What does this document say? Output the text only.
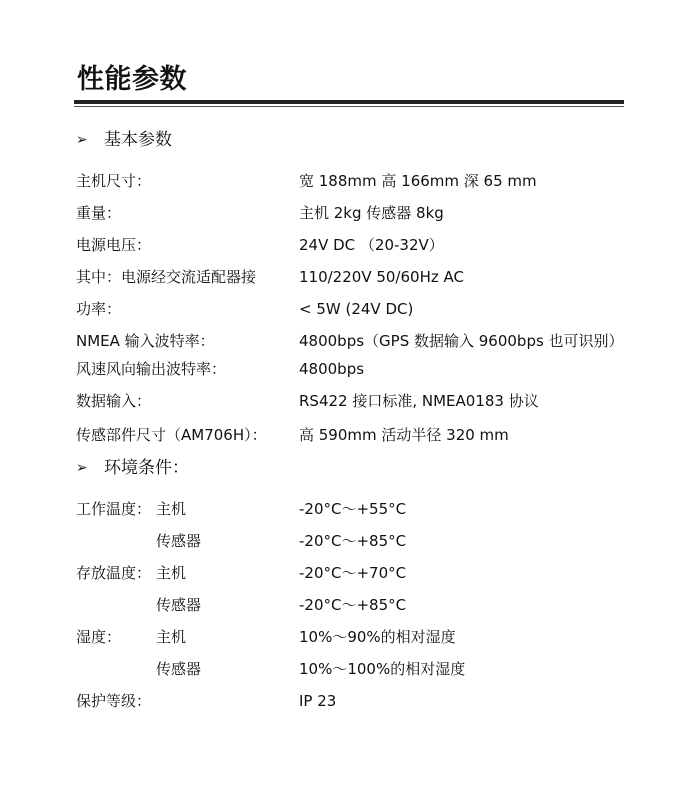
性能参数
➢ 基本参数
主机尺寸：	宽 188mm 高 166mm 深 65 mm
重量：	主机 2kg 传感器 8kg
电源电压：	24V DC （20-32V）
其中：电源经交流适配器接	110/220V 50/60Hz AC
功率：	< 5W (24V DC)
NMEA 输入波特率：	4800bps（GPS 数据输入 9600bps 也可识别）
风速风向输出波特率：	4800bps
数据输入：	RS422 接口标准, NMEA0183 协议
传感部件尺寸（AM706H）： 高 590mm 活动半径 320 mm
➢ 环境条件：
工作温度： 主机	-20°C～+55°C
传感器	-20°C～+85°C
存放温度： 主机	-20°C～+70°C
传感器	-20°C～+85°C
湿度： 主机	10%～90%的相对湿度
传感器	10%～100%的相对湿度
保护等级：	IP 23
